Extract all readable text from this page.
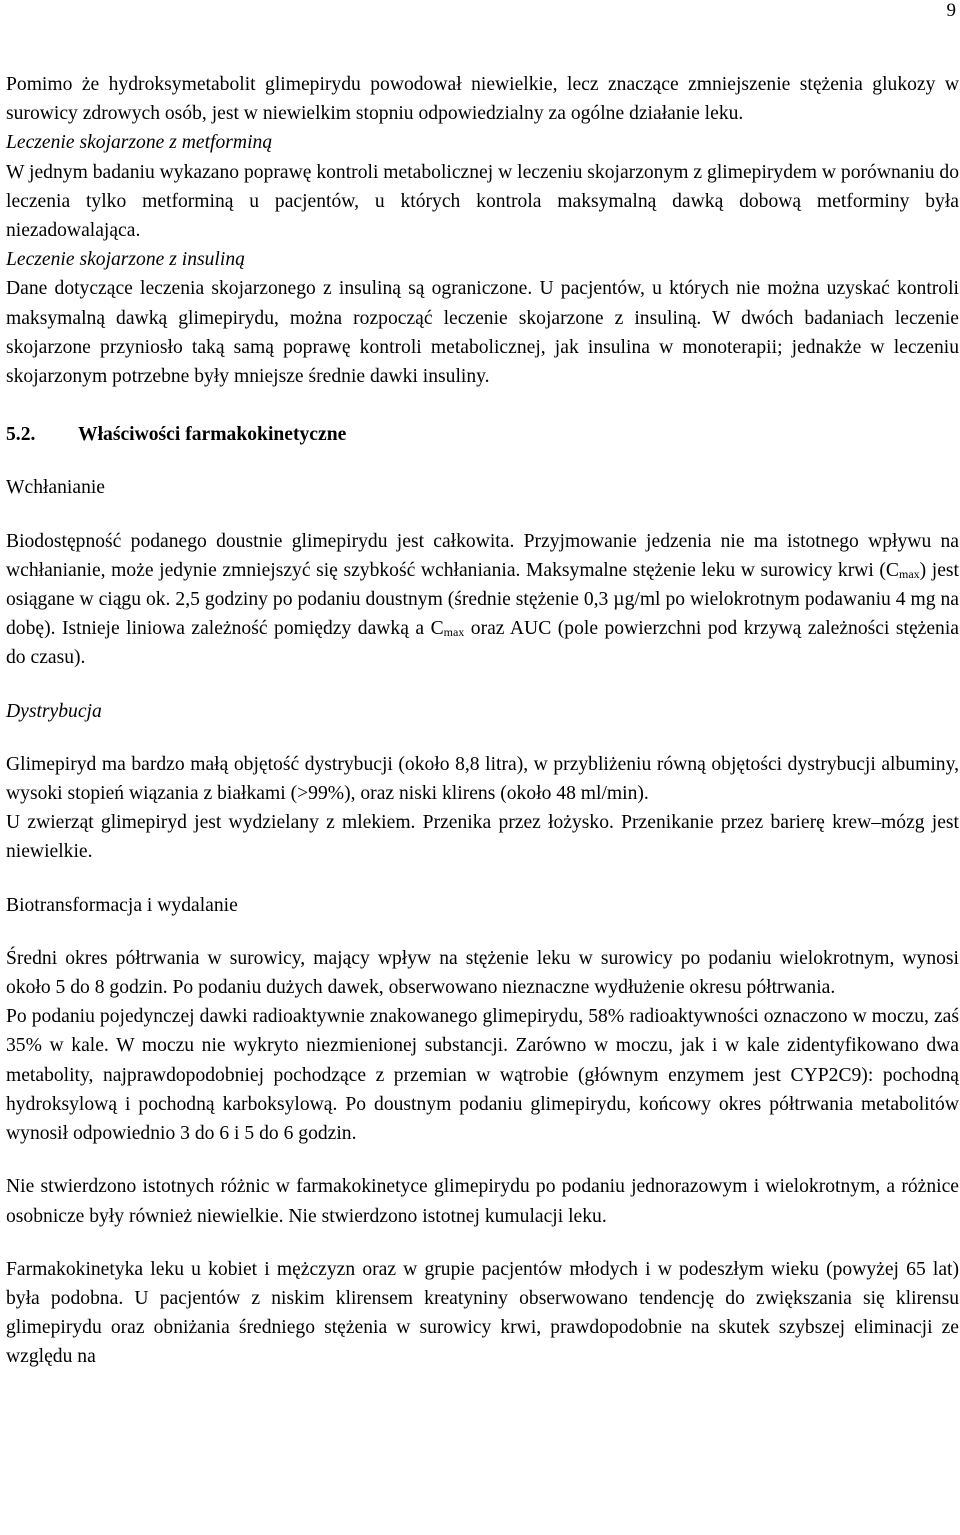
9

Pomimo że hydroksymetabolit glimepirydu powodował niewielkie, lecz znaczące zmniejszenie stężenia glukozy w surowicy zdrowych osób, jest w niewielkim stopniu odpowiedzialny za ogólne działanie leku.

Leczenie skojarzone z metforminą

W jednym badaniu wykazano poprawę kontroli metabolicznej w leczeniu skojarzonym z glimepirydem w porównaniu do leczenia tylko metforminą u pacjentów, u których kontrola maksymalną dawką dobową metforminy była niezadowalająca.

Leczenie skojarzone z insuliną

Dane dotyczące leczenia skojarzonego z insuliną są ograniczone. U pacjentów, u których nie można uzyskać kontroli maksymalną dawką glimepirydu, można rozpocząć leczenie skojarzone z insuliną. W dwóch badaniach leczenie skojarzone przyniosło taką samą poprawę kontroli metabolicznej, jak insulina w monoterapii; jednakże w leczeniu skojarzonym potrzebne były mniejsze średnie dawki insuliny.

5.2. Właściwości farmakokinetyczne

Wchłanianie

Biodostępność podanego doustnie glimepirydu jest całkowita. Przyjmowanie jedzenia nie ma istotnego wpływu na wchłanianie, może jedynie zmniejszyć się szybkość wchłaniania. Maksymalne stężenie leku w surowicy krwi $(C_{max})$ jest osiągane w ciągu ok. 2,5 godziny po podaniu doustnym (średnie stężenie 0,3 µg/ml po wielokrotnym podawaniu 4 mg na dobę). Istnieje liniowa zależność pomiędzy dawką a $C_{max}$ oraz AUC (pole powierzchni pod krzywą zależności stężenia do czasu).

Dystrybucja

Glimepiryd ma bardzo małą objętość dystrybucji (około 8,8 litra), w przybliżeniu równą objętości dystrybucji albuminy, wysoki stopień wiązania z białkami (>99%), oraz niski klirens (około 48 ml/min).

U zwierząt glimepiryd jest wydzielany z mlekiem. Przenika przez łożysko. Przenikanie przez barierę krew–mózg jest niewielkie.

Biotransformacja i wydalanie

Średni okres półtrwania w surowicy, mający wpływ na stężenie leku w surowicy po podaniu wielokrotnym, wynosi około 5 do 8 godzin. Po podaniu dużych dawek, obserwowano nieznaczne wydłużenie okresu półtrwania.

Po podaniu pojedynczej dawki radioaktywnie znakowanego glimepirydu, 58% radioaktywności oznaczono w moczu, zaś 35% w kale. W moczu nie wykryto niezmienionej substancji. Zarówno w moczu, jak i w kale zidentyfikowano dwa metabolity, najprawdopodobniej pochodzące z przemian w wątrobie (głównym enzymem jest CYP2C9): pochodną hydroksylową i pochodną karboksylową. Po doustnym podaniu glimepirydu, końcowy okres półtrwania metabolitów wynosił odpowiednio 3 do 6 i 5 do 6 godzin.

Nie stwierdzono istotnych różnic w farmakokinetyce glimepirydu po podaniu jednorazowym i wielokrotnym, a różnice osobnicze były również niewielkie. Nie stwierdzono istotnej kumulacji leku.

Farmakokinetyka leku u kobiet i mężczyzn oraz w grupie pacjentów młodych i w podeszłym wieku (powyżej 65 lat) była podobna. U pacjentów z niskim klirensem kreatyniny obserwowano tendencję do zwiększania się klirensu glimepirydu oraz obniżania średniego stężenia w surowicy krwi, prawdopodobnie na skutek szybszej eliminacji ze względu na
